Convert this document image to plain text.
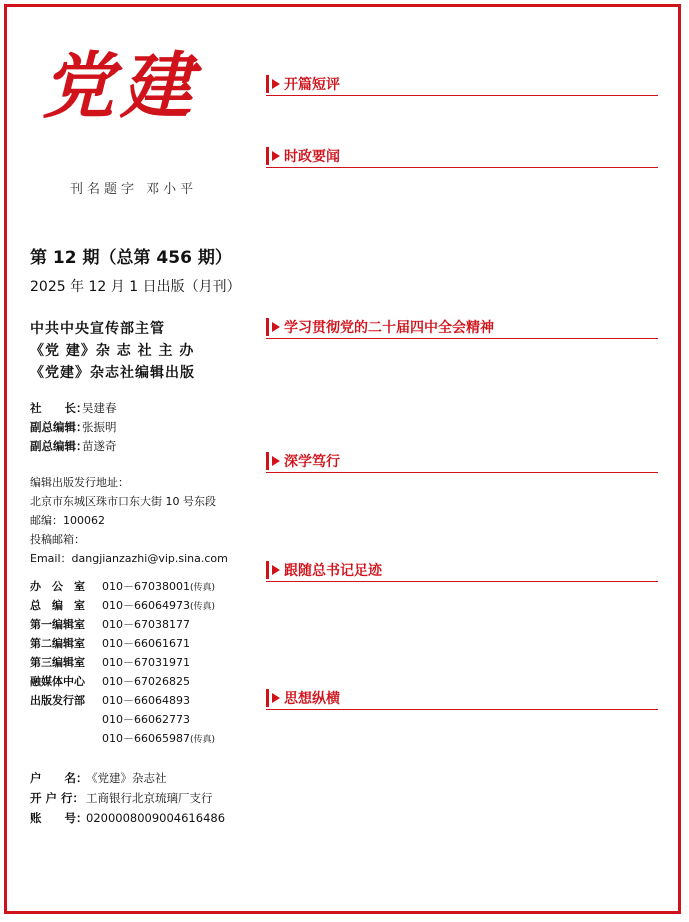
党建
刊名题字 邓小平
第 12 期（总第 456 期）
2025 年 12 月 1 日出版（月刊）
中共中央宣传部主管
《党 建》杂 志 社 主 办
《党建》杂志社编辑出版
社　　长：吴建春
副总编辑：张振明
副总编辑：苗遂奇
编辑出版发行地址：
北京市东城区珠市口东大街 10 号东段
邮编：100062
投稿邮箱：
Email：dangjianzazhi@vip.sina.com
办　公　室 010－67038001(传真)
总　编　室 010－66064973(传真)
第一编辑室 010－67038177
第二编辑室 010－66061671
第三编辑室 010－67031971
融媒体中心 010－67026825
出版发行部 010－66064893
010－66062773
010－66065987(传真)
户　　名：《党建》杂志社
开 户 行： 工商银行北京琉璃厂支行
账　　号：0200008009004616486
开篇短评
时政要闻
学习贯彻党的二十届四中全会精神
深学笃行
跟随总书记足迹
思想纵横
